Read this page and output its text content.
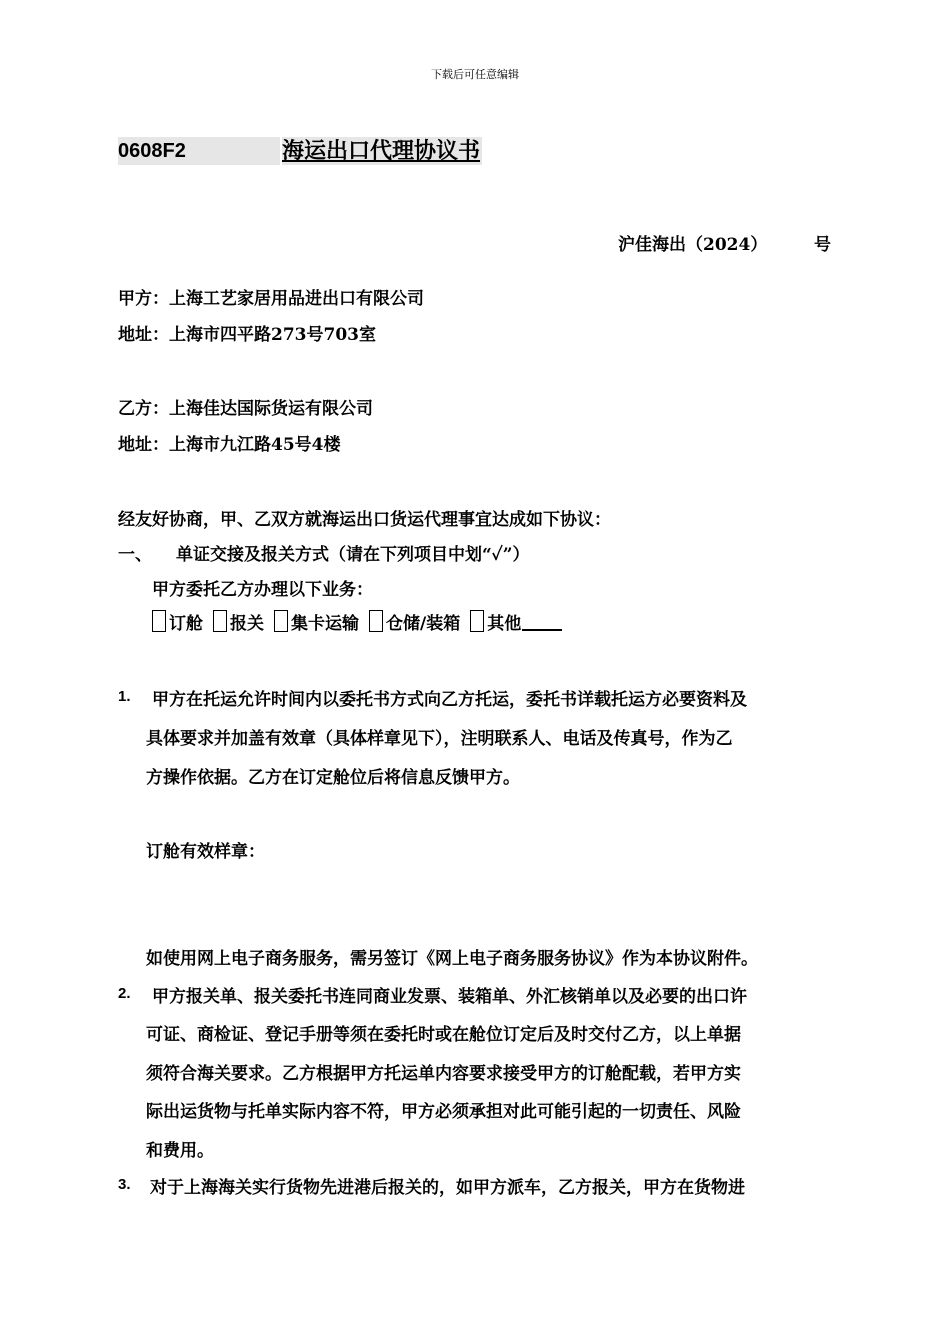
下载后可任意编辑
0608F2	海运出口代理协议书
沪佳海出（2024）	号
甲方：上海工艺家居用品进出口有限公司
地址：上海市四平路273号703室
乙方：上海佳达国际货运有限公司
地址：上海市九江路45号4楼
经友好协商，甲、乙双方就海运出口货运代理事宜达成如下协议：
一、 单证交接及报关方式（请在下列项目中划“✓”）
甲方委托乙方办理以下业务：
订舱 报关 集卡运输 仓储/装箱 其他
1. 甲方在托运允许时间内以委托书方式向乙方托运，委托书详载托运方必要资料及
具体要求并加盖有效章（具体样章见下），注明联系人、电话及传真号，作为乙
方操作依据。乙方在订定舱位后将信息反馈甲方。
订舱有效样章：
如使用网上电子商务服务，需另签订《网上电子商务服务协议》作为本协议附件。
2. 甲方报关单、报关委托书连同商业发票、装箱单、外汇核销单以及必要的出口许
可证、商检证、登记手册等须在委托时或在舱位订定后及时交付乙方，以上单据
须符合海关要求。乙方根据甲方托运单内容要求接受甲方的订舱配载，若甲方实
际出运货物与托单实际内容不符，甲方必须承担对此可能引起的一切责任、风险
和费用。
3. 对于上海海关实行货物先进港后报关的，如甲方派车，乙方报关，甲方在货物进
